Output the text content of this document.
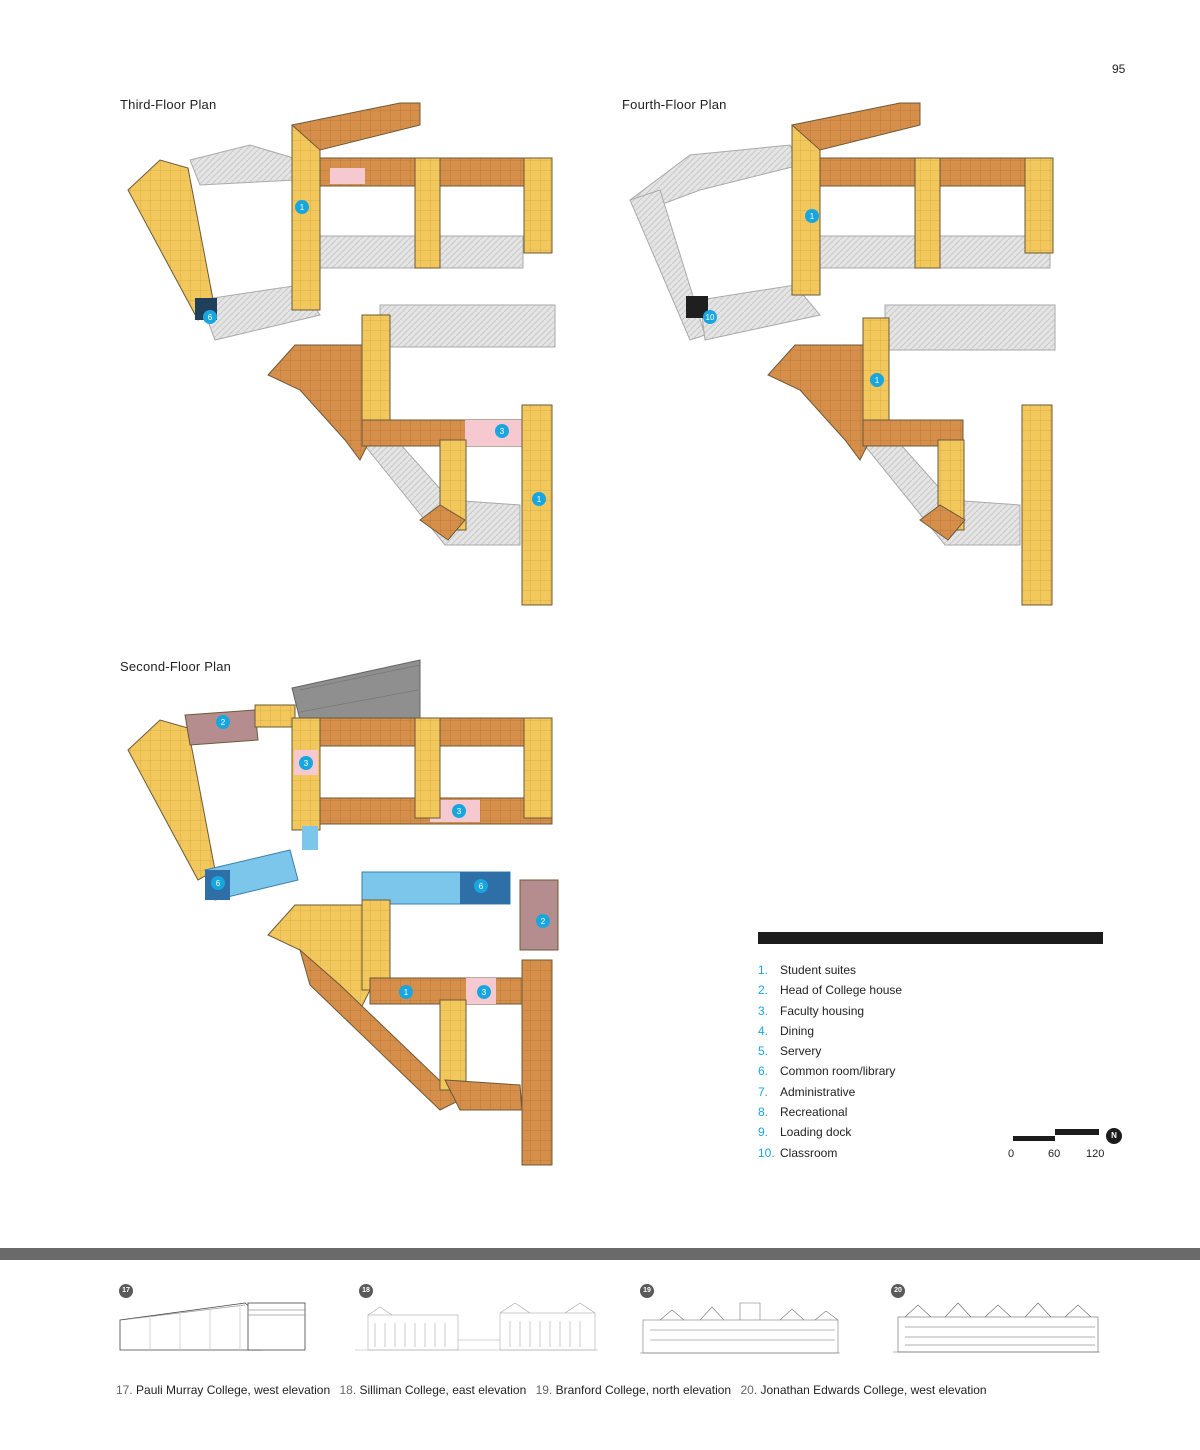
95
Third-Floor Plan	Fourth-Floor Plan
Second-Floor Plan
1
6
3
1
1
10
1
2
3
3
6	6
2
1	3
1. Student suites
2. Head of College house
3. Faculty housing
4. Dining
5. Servery
6. Common room/library
7. Administrative
8. Recreational
9. Loading dock
10. Classroom	0	60 120
N
17	18	19	20
17. Pauli Murray College, west elevation 18. Silliman College, east elevation 19. Branford College, north elevation 20. Jonathan Edwards College, west elevation
